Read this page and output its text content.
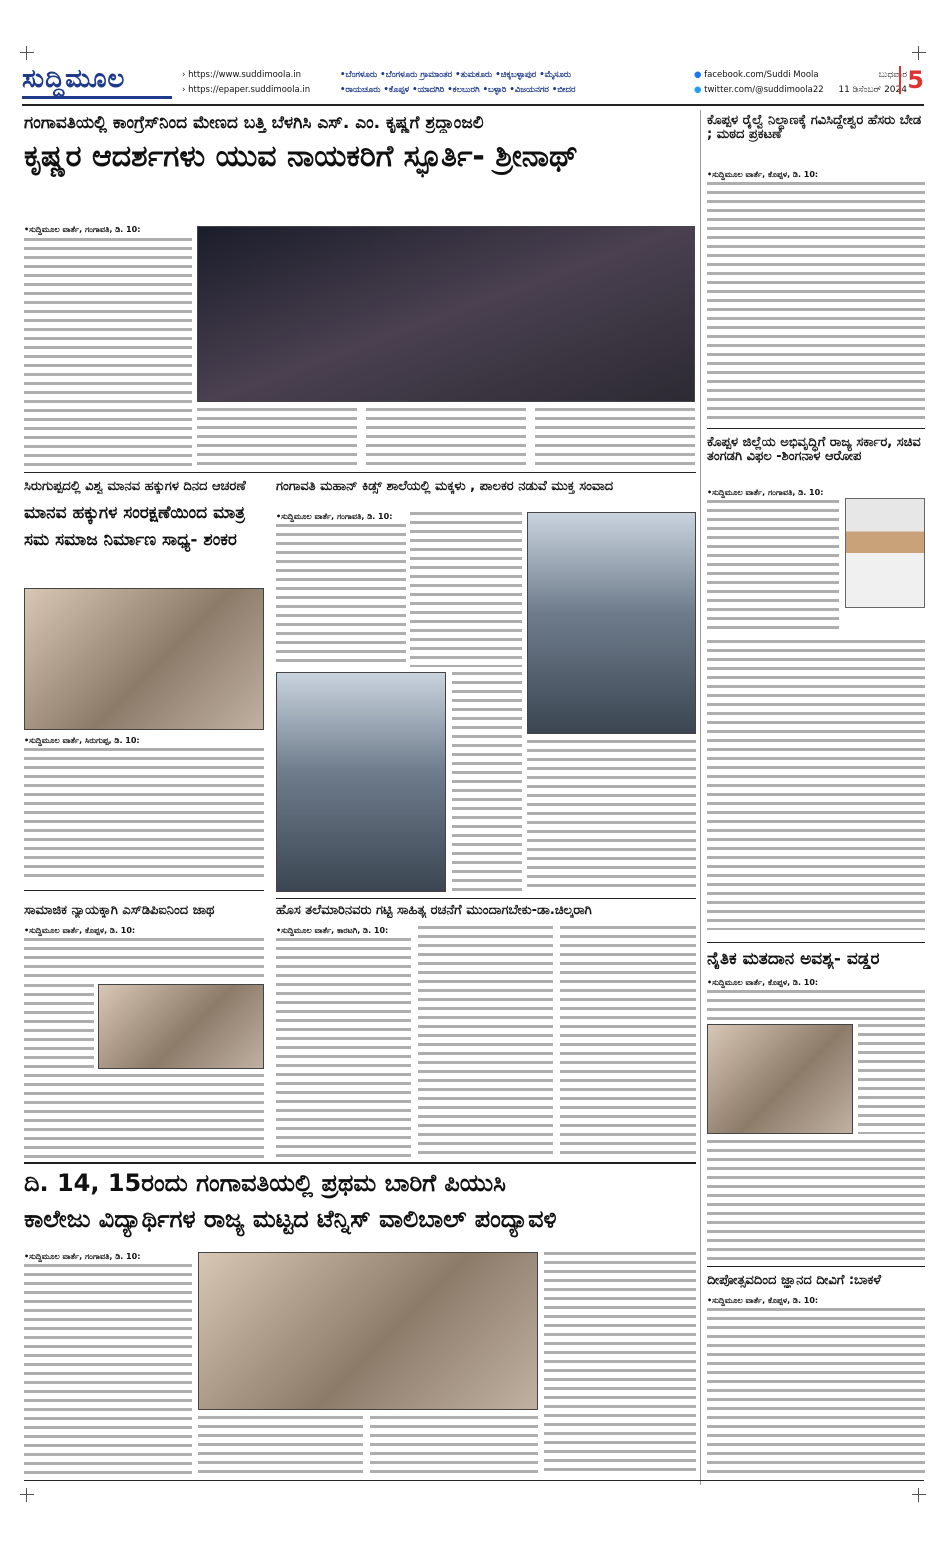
ಸುದ್ದಿಮೂಲ	› https://www.suddimoola.in
› https://epaper.suddimoola.in
•ಬೆಂಗಳೂರು •ಬೆಂಗಳೂರು ಗ್ರಾಮಾಂತರ •ತುಮಕೂರು •ಚಿಕ್ಕಬಳ್ಳಾಪುರ •ಮೈಸೂರು
•ರಾಯಚೂರು •ಕೊಪ್ಪಳ •ಯಾದಗಿರಿ •ಕಲಬುರಗಿ •ಬಳ್ಳಾರಿ •ವಿಜಯನಗರ •ಬೀದರ
● facebook.com/Suddi Moola
● twitter.com/@suddimoola22
ಬುಧವಾರ
11 ಡಿಸೆಂಬರ್ 2024 5
ಗಂಗಾವತಿಯಲ್ಲಿ ಕಾಂಗ್ರೆಸ್‌ನಿಂದ ಮೇಣದ ಬತ್ತಿ ಬೆಳಗಿಸಿ ಎಸ್. ಎಂ. ಕೃಷ್ಣಗೆ ಶ್ರದ್ಧಾಂಜಲಿ
ಕೃಷ್ಣರ ಆದರ್ಶಗಳು ಯುವ ನಾಯಕರಿಗೆ ಸ್ಫೂರ್ತಿ- ಶ್ರೀನಾಥ್
•ಸುದ್ದಿಮೂಲ ವಾರ್ತೆ, ಗಂಗಾವತಿ, ಡಿ. 10:
ಕೊಪ್ಪಳ ರೈಲ್ವೆ ನಿಲ್ದಾಣಕ್ಕೆ ಗವಿಸಿದ್ದೇಶ್ವರ ಹೆಸರು ಬೇಡ ; ಮಠದ ಪ್ರಕಟಣೆ
•ಸುದ್ದಿಮೂಲ ವಾರ್ತೆ, ಕೊಪ್ಪಳ, ಡಿ. 10:
ಕೊಪ್ಪಳ ಜಿಲ್ಲೆಯ ಅಭಿವೃದ್ಧಿಗೆ ರಾಜ್ಯ ಸರ್ಕಾರ, ಸಚಿವ ತಂಗಡಗಿ ವಿಫಲ -ಶಿಂಗನಾಳ ಆರೋಪ
•ಸುದ್ದಿಮೂಲ ವಾರ್ತೆ, ಗಂಗಾವತಿ, ಡಿ. 10:
ಸಿರುಗುಪ್ಪದಲ್ಲಿ ವಿಶ್ವ ಮಾನವ ಹಕ್ಕುಗಳ ದಿನದ ಆಚರಣೆ
ಮಾನವ ಹಕ್ಕುಗಳ ಸಂರಕ್ಷಣೆಯಿಂದ ಮಾತ್ರ ಸಮ ಸಮಾಜ ನಿರ್ಮಾಣ ಸಾಧ್ಯ- ಶಂಕರ
•ಸುದ್ದಿಮೂಲ ವಾರ್ತೆ, ಸಿರುಗುಪ್ಪ, ಡಿ. 10:
ಗಂಗಾವತಿ ಮಹಾನ್ ಕಿಡ್ಸ್ ಶಾಲೆಯಲ್ಲಿ ಮಕ್ಕಳು , ಪಾಲಕರ ನಡುವೆ ಮುಕ್ತ ಸಂವಾದ
•ಸುದ್ದಿಮೂಲ ವಾರ್ತೆ, ಗಂಗಾವತಿ, ಡಿ. 10:
ಸಾಮಾಜಿಕ ನ್ಯಾಯಕ್ಕಾಗಿ ಎಸ್‌ಡಿಪಿಐನಿಂದ ಜಾಥ
•ಸುದ್ದಿಮೂಲ ವಾರ್ತೆ, ಕೊಪ್ಪಳ, ಡಿ. 10:
ಹೊಸ ತಲೆಮಾರಿನವರು ಗಟ್ಟಿ ಸಾಹಿತ್ಯ ರಚನೆಗೆ ಮುಂದಾಗಬೇಕು-ಡಾ.ಚಿಲ್ಕರಾಗಿ
•ಸುದ್ದಿಮೂಲ ವಾರ್ತೆ, ಕಾರಟಗಿ, ಡಿ. 10:
ನೈತಿಕ ಮತದಾನ ಅವಶ್ಯ- ವಡ್ಡರ
•ಸುದ್ದಿಮೂಲ ವಾರ್ತೆ, ಕೊಪ್ಪಳ, ಡಿ. 10:
ದಿ. 14, 15ರಂದು ಗಂಗಾವತಿಯಲ್ಲಿ ಪ್ರಥಮ ಬಾರಿಗೆ ಪಿಯುಸಿ
ಕಾಲೇಜು ವಿದ್ಯಾರ್ಥಿಗಳ ರಾಜ್ಯ ಮಟ್ಟದ ಟೆನ್ನಿಸ್ ವಾಲಿಬಾಲ್ ಪಂದ್ಯಾವಳಿ
•ಸುದ್ದಿಮೂಲ ವಾರ್ತೆ, ಗಂಗಾವತಿ, ಡಿ. 10:
ದೀಪೋತ್ಸವದಿಂದ ಜ್ಞಾನದ ದೀವಿಗೆ :ಬಾಕಳೆ
•ಸುದ್ದಿಮೂಲ ವಾರ್ತೆ, ಕೊಪ್ಪಳ, ಡಿ. 10:
